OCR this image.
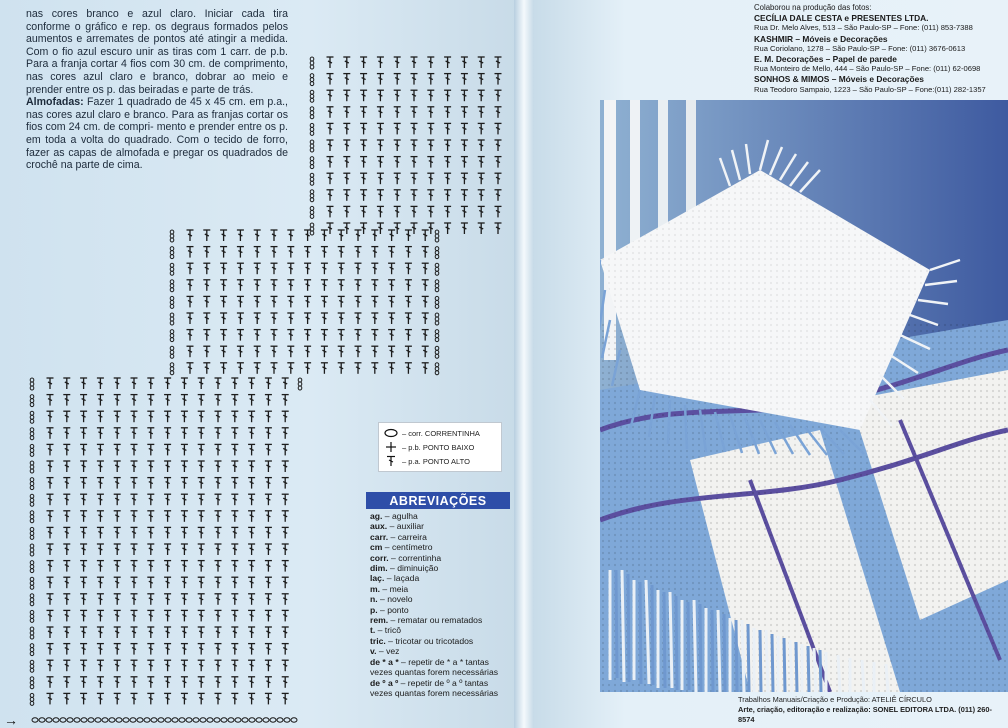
nas cores branco e azul claro. Iniciar cada tira conforme o gráfico e rep. os degraus formados pelos aumentos e arremates de pontos até atingir a medida. Com o fio azul escuro unir as tiras com 1 carr. de p.b. Para a franja cortar 4 fios com 30 cm. de comprimento, nas cores azul claro e branco, dobrar ao meio e prender entre os p. das beiradas e parte de trás.

Almofadas: Fazer 1 quadrado de 45 x 45 cm. em p.a., nas cores azul claro e branco. Para as franjas cortar os fios com 24 cm. de compri- mento e prender entre os p. em toda a volta do quadrado. Com o tecido de forro, fazer as capas de almofada e pregar os quadrados de crochê na parte de cima.

→
– corr. CORRENTINHA
– p.b. PONTO BAIXO
– p.a. PONTO ALTO
ABREVIAÇÕES
ag. – agulha
aux. – auxiliar
carr. – carreira
cm – centímetro
corr. – correntinha
dim. – diminuição
laç. – laçada
m. – meia
n. – novelo
p. – ponto
rem. – rematar ou rematados
t. – tricô
tric. – tricotar ou tricotados
v. – vez
de * a * – repetir de * a * tantas
vezes quantas forem necessárias
de º a º – repetir de º a º tantas
vezes quantas forem necessárias
Colaborou na produção das fotos:
CECÍLIA DALE CESTA e PRESENTES LTDA.
Rua Dr. Melo Alves, 513 – São Paulo-SP – Fone: (011) 853-7388
KASHMIR – Móveis e Decorações
Rua Coriolano, 1278 – São Paulo-SP – Fone: (011) 3676-0613
E. M. Decorações – Papel de parede
Rua Monteiro de Mello, 444 – São Paulo-SP – Fone: (011) 62-0698
SONHOS & MIMOS – Móveis e Decorações
Rua Teodoro Sampaio, 1223 – São Paulo-SP – Fone:(011) 282-1357
Trabalhos Manuais/Criação e Produção: ATELIÊ CÍRCULO
Arte, criação, editoração e realização: SONEL EDITORA LTDA. (011) 260-8574
